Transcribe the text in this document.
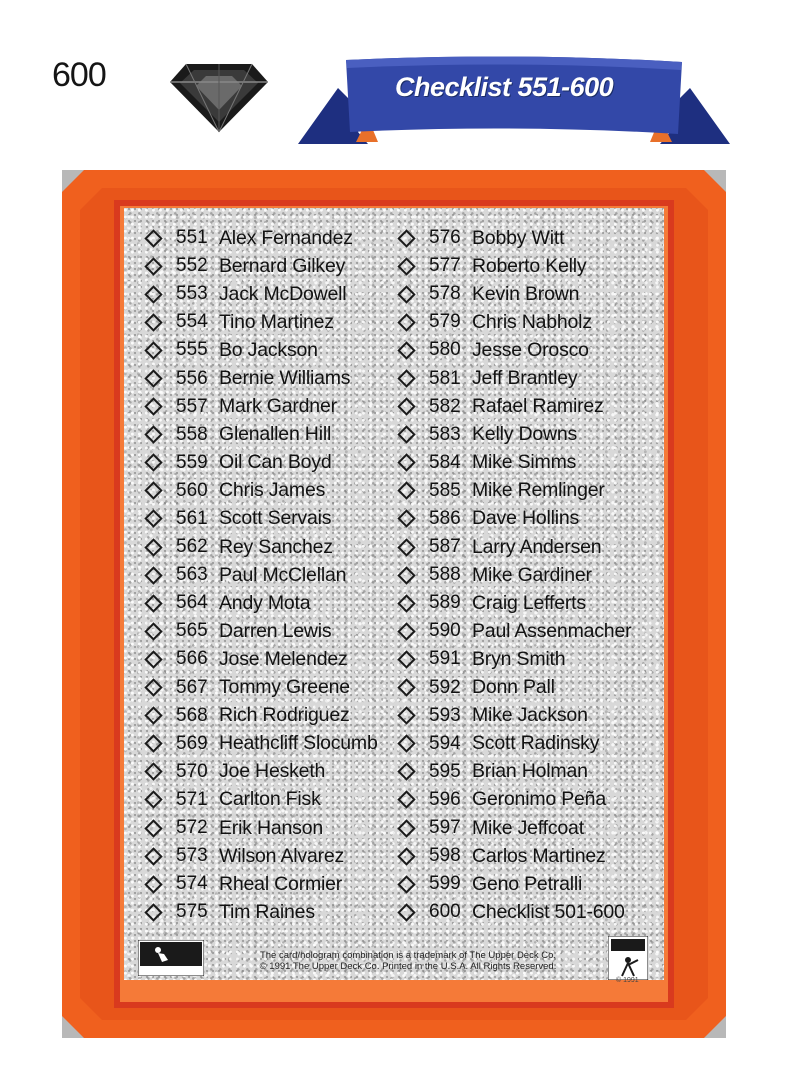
600	Checklist 551-600
551 Alex Fernandez
552 Bernard Gilkey
553 Jack McDowell
554 Tino Martinez
555 Bo Jackson
556 Bernie Williams
557 Mark Gardner
558 Glenallen Hill
559 Oil Can Boyd
560 Chris James
561 Scott Servais
562 Rey Sanchez
563 Paul McClellan
564 Andy Mota
565 Darren Lewis
566 Jose Melendez
567 Tommy Greene
568 Rich Rodriguez
569 Heathcliff Slocumb
570 Joe Hesketh
571 Carlton Fisk
572 Erik Hanson
573 Wilson Alvarez
574 Rheal Cormier
575 Tim Raines
576 Bobby Witt
577 Roberto Kelly
578 Kevin Brown
579 Chris Nabholz
580 Jesse Orosco
581 Jeff Brantley
582 Rafael Ramirez
583 Kelly Downs
584 Mike Simms
585 Mike Remlinger
586 Dave Hollins
587 Larry Andersen
588 Mike Gardiner
589 Craig Lefferts
590 Paul Assenmacher
591 Bryn Smith
592 Donn Pall
593 Mike Jackson
594 Scott Radinsky
595 Brian Holman
596 Geronimo Peña
597 Mike Jeffcoat
598 Carlos Martinez
599 Geno Petralli
600 Checklist 501-600
The card/hologram combination is a trademark of The Upper Deck Co.
© 1991 The Upper Deck Co. Printed in the U.S.A. All Rights Reserved.
© 1991
